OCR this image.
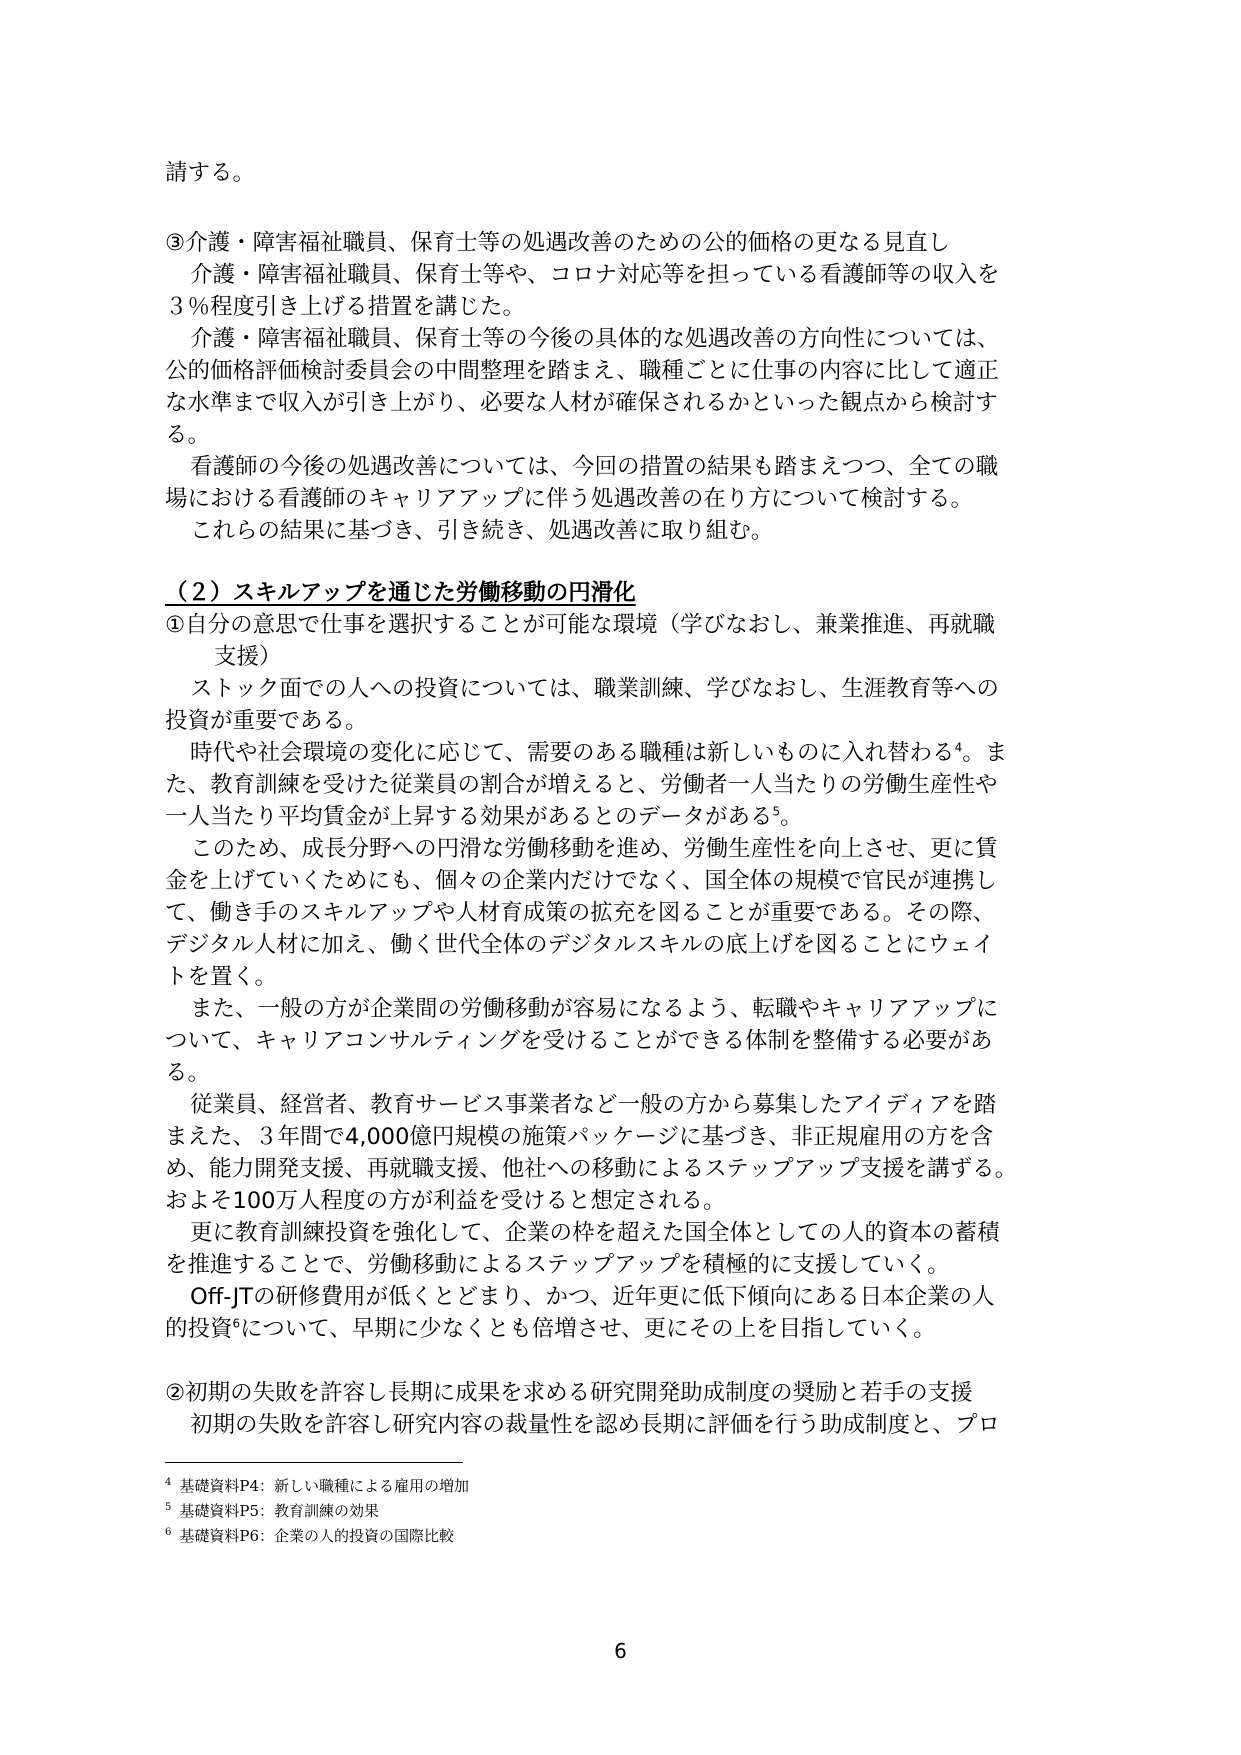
請する。
③介護・障害福祉職員、保育士等の処遇改善のための公的価格の更なる見直し
介護・障害福祉職員、保育士等や、コロナ対応等を担っている看護師等の収入を
３％程度引き上げる措置を講じた。
介護・障害福祉職員、保育士等の今後の具体的な処遇改善の方向性については、
公的価格評価検討委員会の中間整理を踏まえ、職種ごとに仕事の内容に比して適正
な水準まで収入が引き上がり、必要な人材が確保されるかといった観点から検討す
る。
看護師の今後の処遇改善については、今回の措置の結果も踏まえつつ、全ての職
場における看護師のキャリアアップに伴う処遇改善の在り方について検討する。
これらの結果に基づき、引き続き、処遇改善に取り組む。
（２）スキルアップを通じた労働移動の円滑化
①自分の意思で仕事を選択することが可能な環境（学びなおし、兼業推進、再就職
支援）
ストック面での人への投資については、職業訓練、学びなおし、生涯教育等への
投資が重要である。
時代や社会環境の変化に応じて、需要のある職種は新しいものに入れ替わる$^4$。ま
た、教育訓練を受けた従業員の割合が増えると、労働者一人当たりの労働生産性や
一人当たり平均賃金が上昇する効果があるとのデータがある$^5$。
このため、成長分野への円滑な労働移動を進め、労働生産性を向上させ、更に賃
金を上げていくためにも、個々の企業内だけでなく、国全体の規模で官民が連携し
て、働き手のスキルアップや人材育成策の拡充を図ることが重要である。その際、
デジタル人材に加え、働く世代全体のデジタルスキルの底上げを図ることにウェイ
トを置く。
また、一般の方が企業間の労働移動が容易になるよう、転職やキャリアアップに
ついて、キャリアコンサルティングを受けることができる体制を整備する必要があ
る。
従業員、経営者、教育サービス事業者など一般の方から募集したアイディアを踏
まえた、３年間で4,000億円規模の施策パッケージに基づき、非正規雇用の方を含
め、能力開発支援、再就職支援、他社への移動によるステップアップ支援を講ずる。
およそ100万人程度の方が利益を受けると想定される。
更に教育訓練投資を強化して、企業の枠を超えた国全体としての人的資本の蓄積
を推進することで、労働移動によるステップアップを積極的に支援していく。
Off-JTの研修費用が低くとどまり、かつ、近年更に低下傾向にある日本企業の人
的投資$^6$について、早期に少なくとも倍増させ、更にその上を目指していく。
②初期の失敗を許容し長期に成果を求める研究開発助成制度の奨励と若手の支援
初期の失敗を許容し研究内容の裁量性を認め長期に評価を行う助成制度と、プロ
$^4$ 基礎資料P4：新しい職種による雇用の増加
$^5$ 基礎資料P5：教育訓練の効果
$^6$ 基礎資料P6：企業の人的投資の国際比較
6
